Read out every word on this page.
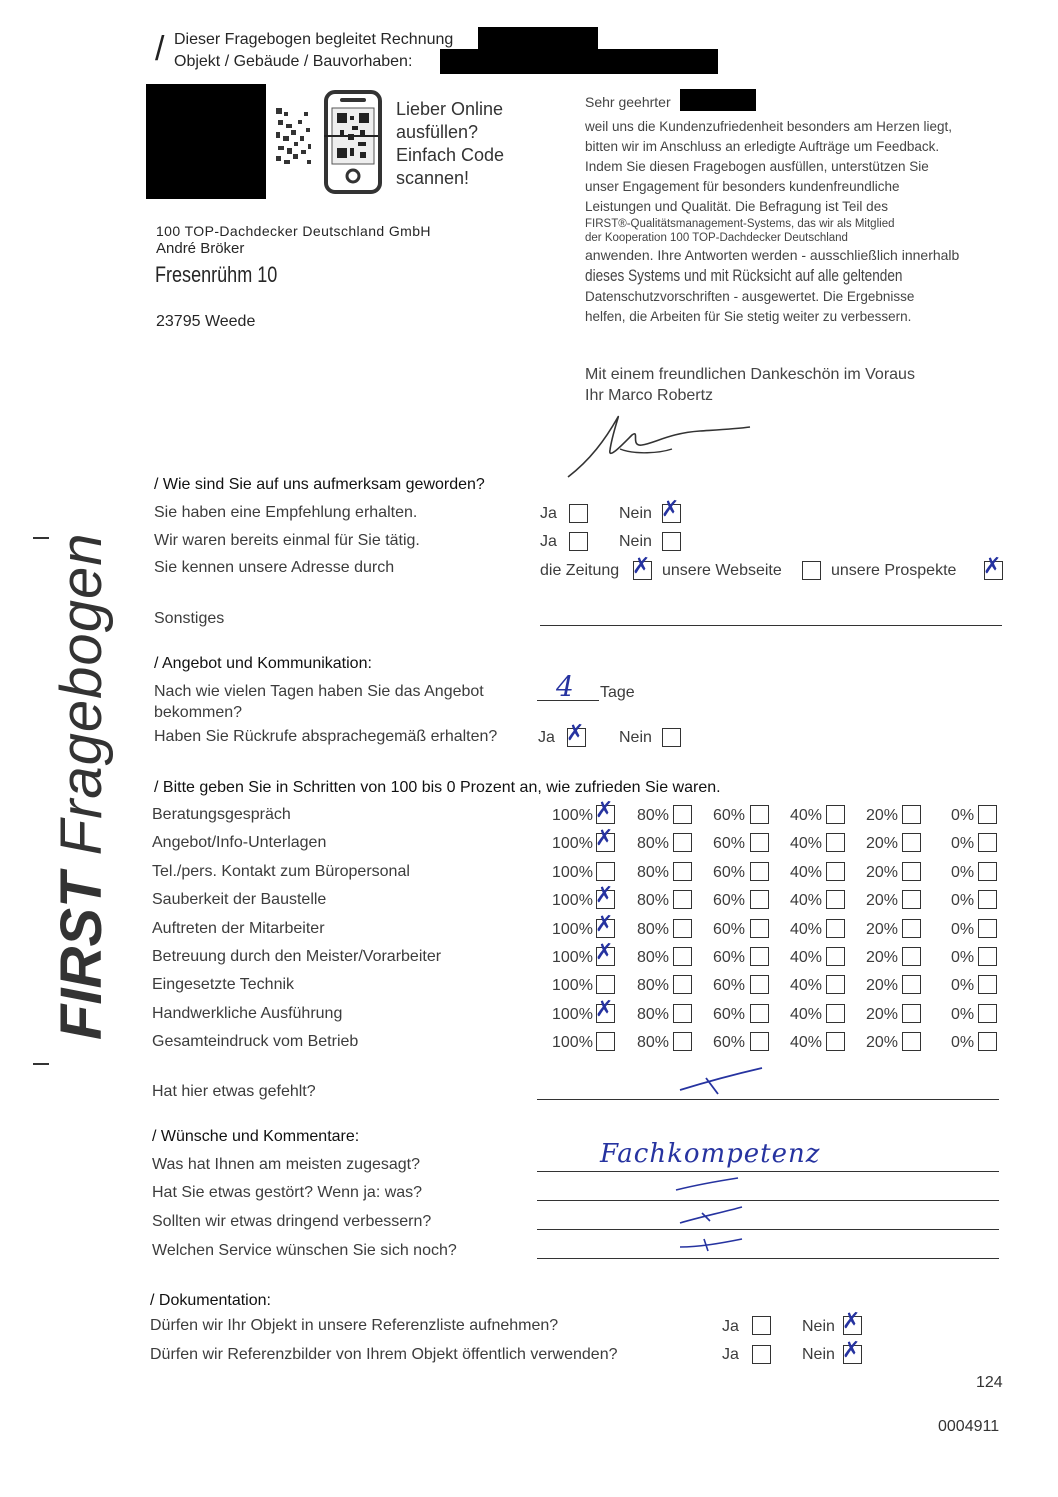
/ Dieser Fragebogen begleitet Rechnung
Objekt / Gebäude / Bauvorhaben:
Lieber Online
ausfüllen?
Einfach Code
scannen!
100 TOP-Dachdecker Deutschland GmbH
André Bröker
Fresenrühm 10
23795 Weede
Sehr geehrter
weil uns die Kundenzufriedenheit besonders am Herzen liegt,
bitten wir im Anschluss an erledigte Aufträge um Feedback.
Indem Sie diesen Fragebogen ausfüllen, unterstützen Sie
unser Engagement für besonders kundenfreundliche
Leistungen und Qualität. Die Befragung ist Teil des
FIRST®-Qualitätsmanagement-Systems, das wir als Mitglied
der Kooperation 100 TOP-Dachdecker Deutschland
anwenden. Ihre Antworten werden - ausschließlich innerhalb
dieses Systems und mit Rücksicht auf alle geltenden
Datenschutzvorschriften - ausgewertet. Die Ergebnisse
helfen, die Arbeiten für Sie stetig weiter zu verbessern.
Mit einem freundlichen Dankeschön im Voraus
Ihr Marco Robertz
FIRST Fragebogen
/ Wie sind Sie auf uns aufmerksam geworden?
Sie haben eine Empfehlung erhalten.	Ja	Nein ✗
Wir waren bereits einmal für Sie tätig.	Ja	Nein
Sie kennen unsere Adresse durch	die Zeitung ✗ unsere Webseite	unsere Prospekte ✗
Sonstiges
/ Angebot und Kommunikation:
Nach wie vielen Tagen haben Sie das Angebot
bekommen?
4 Tage
Haben Sie Rückrufe absprachegemäß erhalten?	Ja ✗ Nein
/ Bitte geben Sie in Schritten von 100 bis 0 Prozent an, wie zufrieden Sie waren.
Beratungsgespräch	100% ✗ 80%	60%	40%	20%	0%
Angebot/Info-Unterlagen	100% ✗ 80%	60%	40%	20%	0%
Tel./pers. Kontakt zum Büropersonal	100%	80%	60%	40%	20%	0%
Sauberkeit der Baustelle	100% ✗ 80%	60%	40%	20%	0%
Auftreten der Mitarbeiter	100% ✗ 80%	60%	40%	20%	0%
Betreuung durch den Meister/Vorarbeiter	100% ✗ 80%	60%	40%	20%	0%
Eingesetzte Technik	100%	80%	60%	40%	20%	0%
Handwerkliche Ausführung	100% ✗ 80%	60%	40%	20%	0%
Gesamteindruck vom Betrieb	100%	80%	60%	40%	20%	0%
Hat hier etwas gefehlt?
/ Wünsche und Kommentare:
Was hat Ihnen am meisten zugesagt?	Fachkompetenz
Hat Sie etwas gestört? Wenn ja: was?
Sollten wir etwas dringend verbessern?
Welchen Service wünschen Sie sich noch?
/ Dokumentation:
Dürfen wir Ihr Objekt in unsere Referenzliste aufnehmen?	Ja	Nein ✗
Dürfen wir Referenzbilder von Ihrem Objekt öffentlich verwenden?	Ja	Nein ✗
124
0004911
